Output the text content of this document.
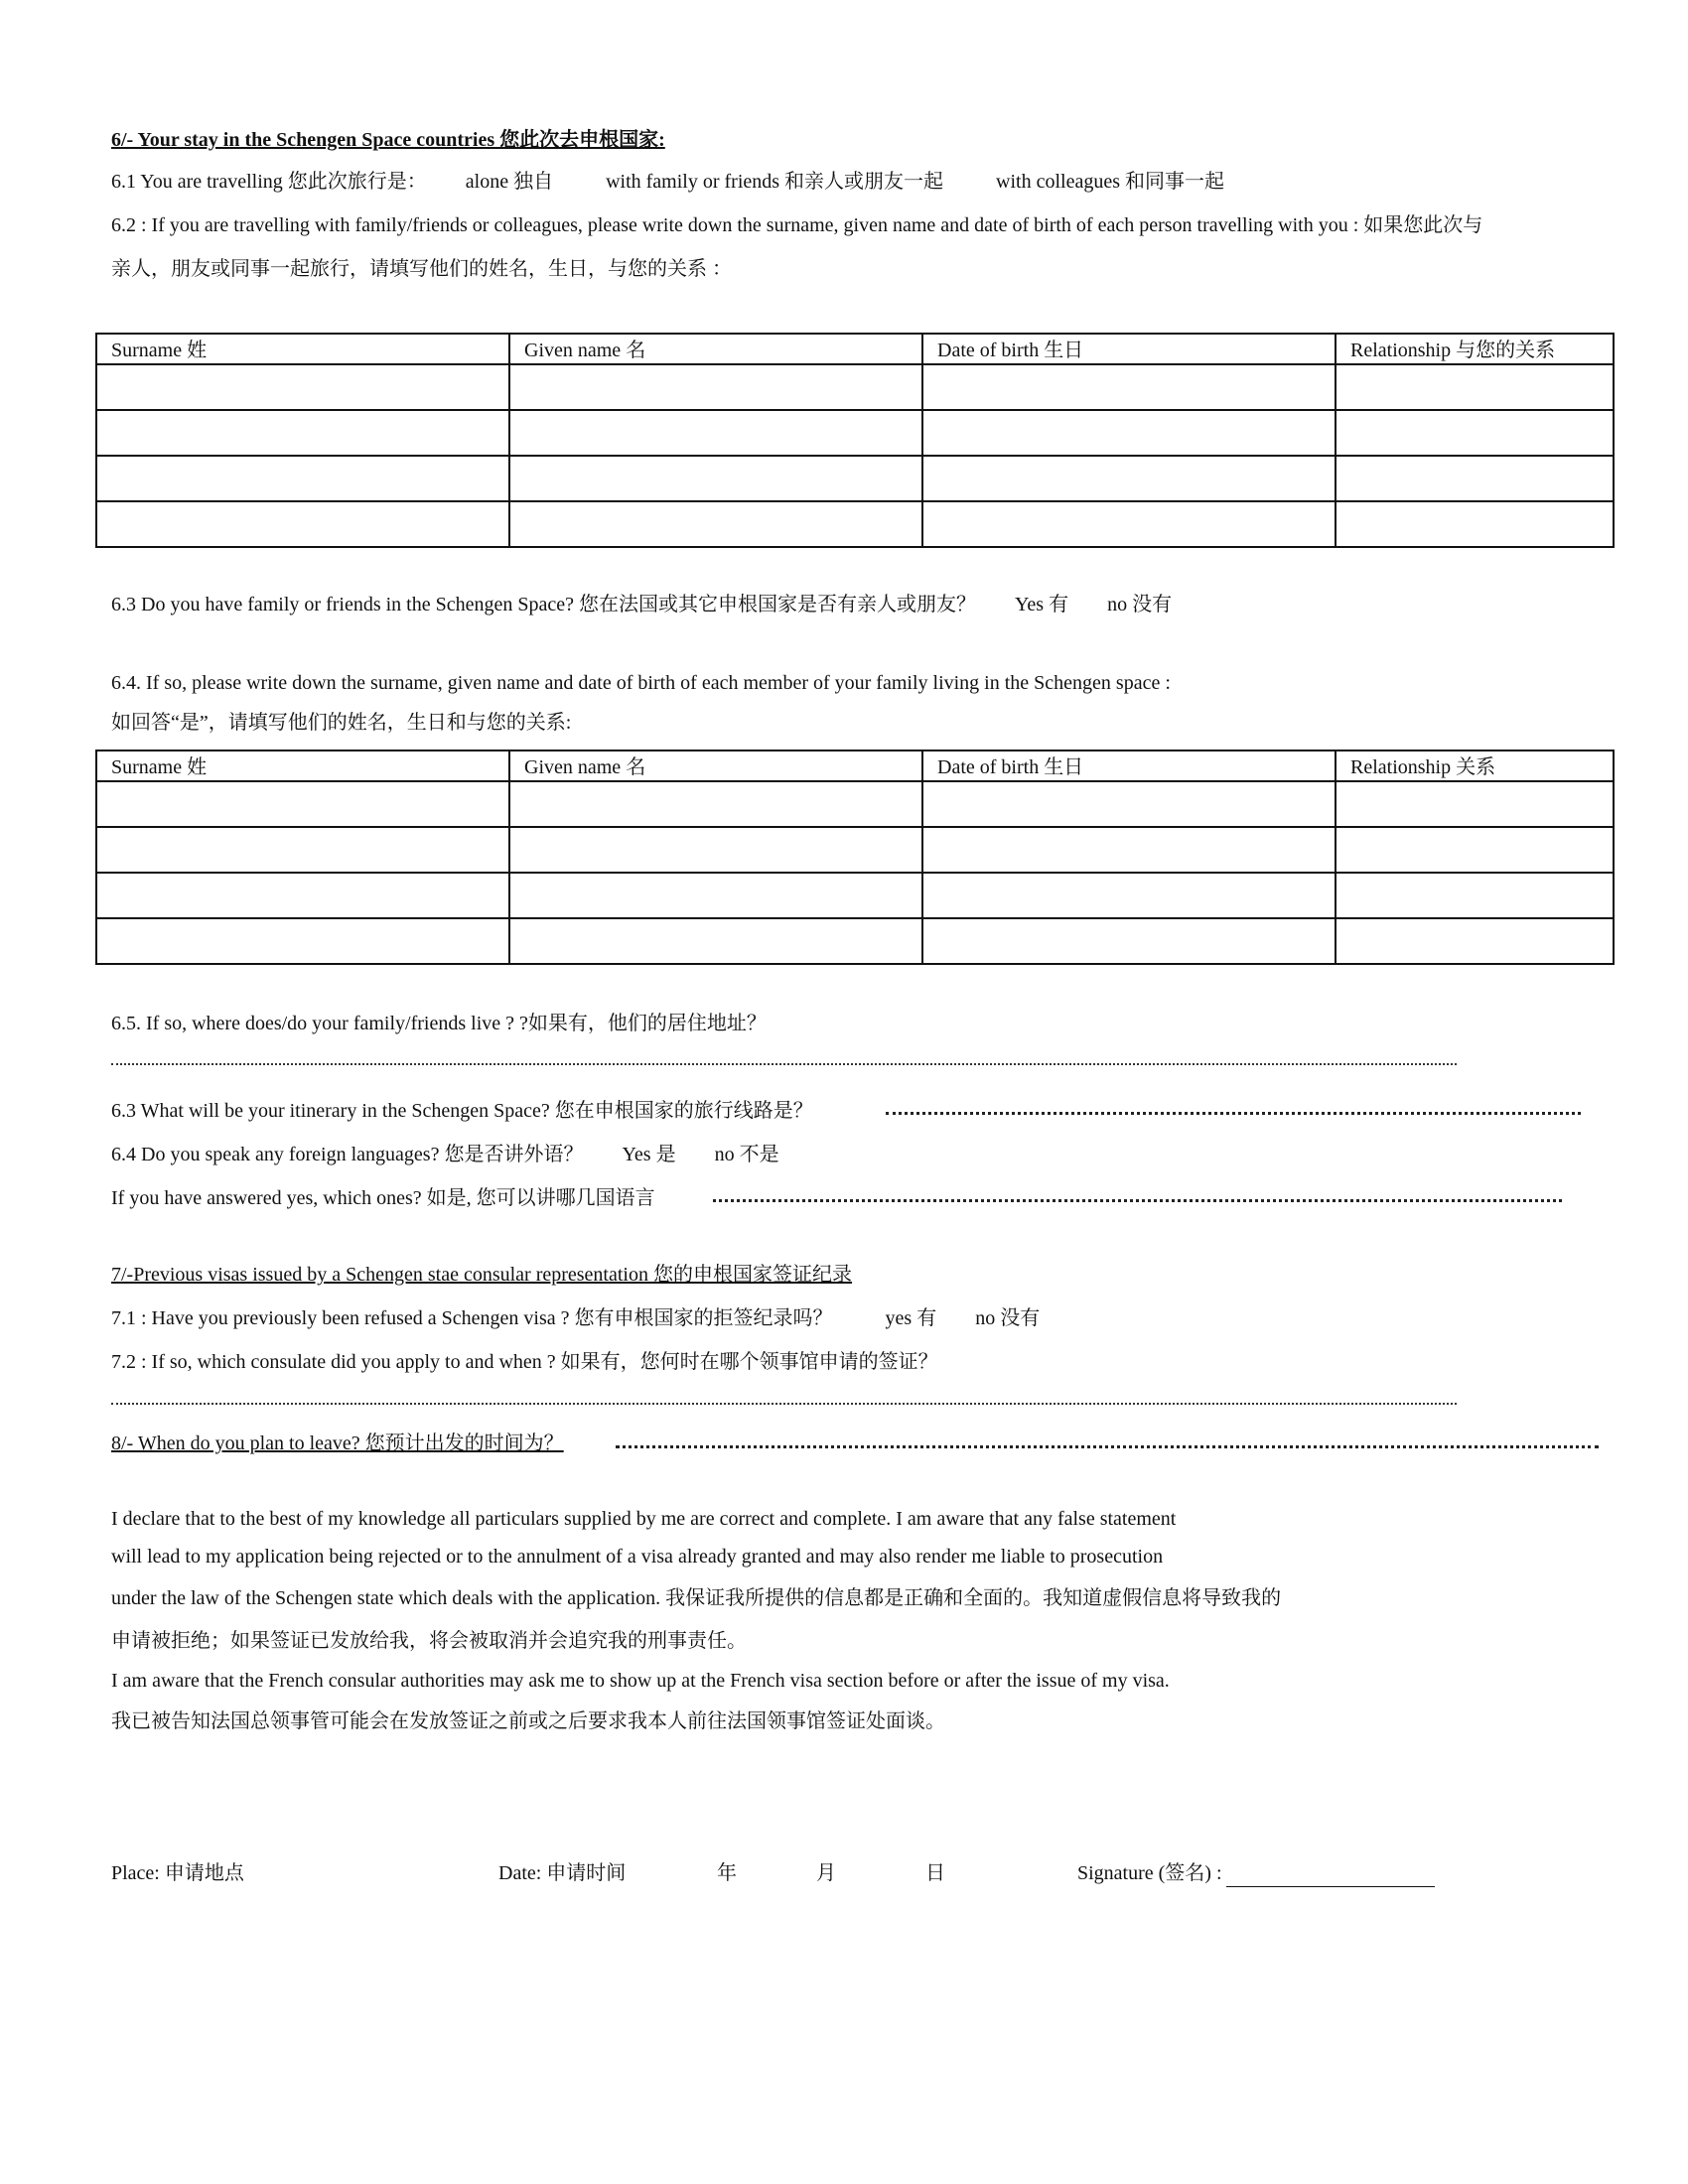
6/- Your stay in the Schengen Space countries 您此次去申根国家:
6.1 You are travelling 您此次旅行是： alone 独自	with family or friends 和亲人或朋友一起	with colleagues 和同事一起
6.2 : If you are travelling with family/friends or colleagues, please write down the surname, given name and date of birth of each person travelling with you : 如果您此次与
亲人，朋友或同事一起旅行，请填写他们的姓名，生日，与您的关系 ：
Surname 姓	Given name 名	Date of birth 生日	Relationship 与您的关系

6.3 Do you have family or friends in the Schengen Space? 您在法国或其它申根国家是否有亲人或朋友？ Yes 有 no 没有
6.4. If so, please write down the surname, given name and date of birth of each member of your family living in the Schengen space :
如回答“是”，请填写他们的姓名，生日和与您的关系:
Surname 姓	Given name 名	Date of birth 生日	Relationship 关系

6.5. If so, where does/do your family/friends live ? ?如果有，他们的居住地址？
6.3 What will be your itinerary in the Schengen Space? 您在申根国家的旅行线路是？
6.4 Do you speak any foreign languages? 您是否讲外语？ Yes 是 no 不是
If you have answered yes, which ones? 如是, 您可以讲哪几国语言
7/-Previous visas issued by a Schengen stae consular representation 您的申根国家签证纪录
7.1 : Have you previously been refused a Schengen visa ? 您有申根国家的拒签纪录吗？	yes 有 no 没有
7.2 : If so, which consulate did you apply to and when ? 如果有，您何时在哪个领事馆申请的签证？
8/- When do you plan to leave? 您预计出发的时间为？
I declare that to the best of my knowledge all particulars supplied by me are correct and complete. I am aware that any false statement
will lead to my application being rejected or to the annulment of a visa already granted and may also render me liable to prosecution
under the law of the Schengen state which deals with the application. 我保证我所提供的信息都是正确和全面的。我知道虚假信息将导致我的
申请被拒绝；如果签证已发放给我，将会被取消并会追究我的刑事责任。
I am aware that the French consular authorities may ask me to show up at the French visa section before or after the issue of my visa.
我已被告知法国总领事管可能会在发放签证之前或之后要求我本人前往法国领事馆签证处面谈。
Place: 申请地点	Date: 申请时间	年	月	日	Signature (签名) :
